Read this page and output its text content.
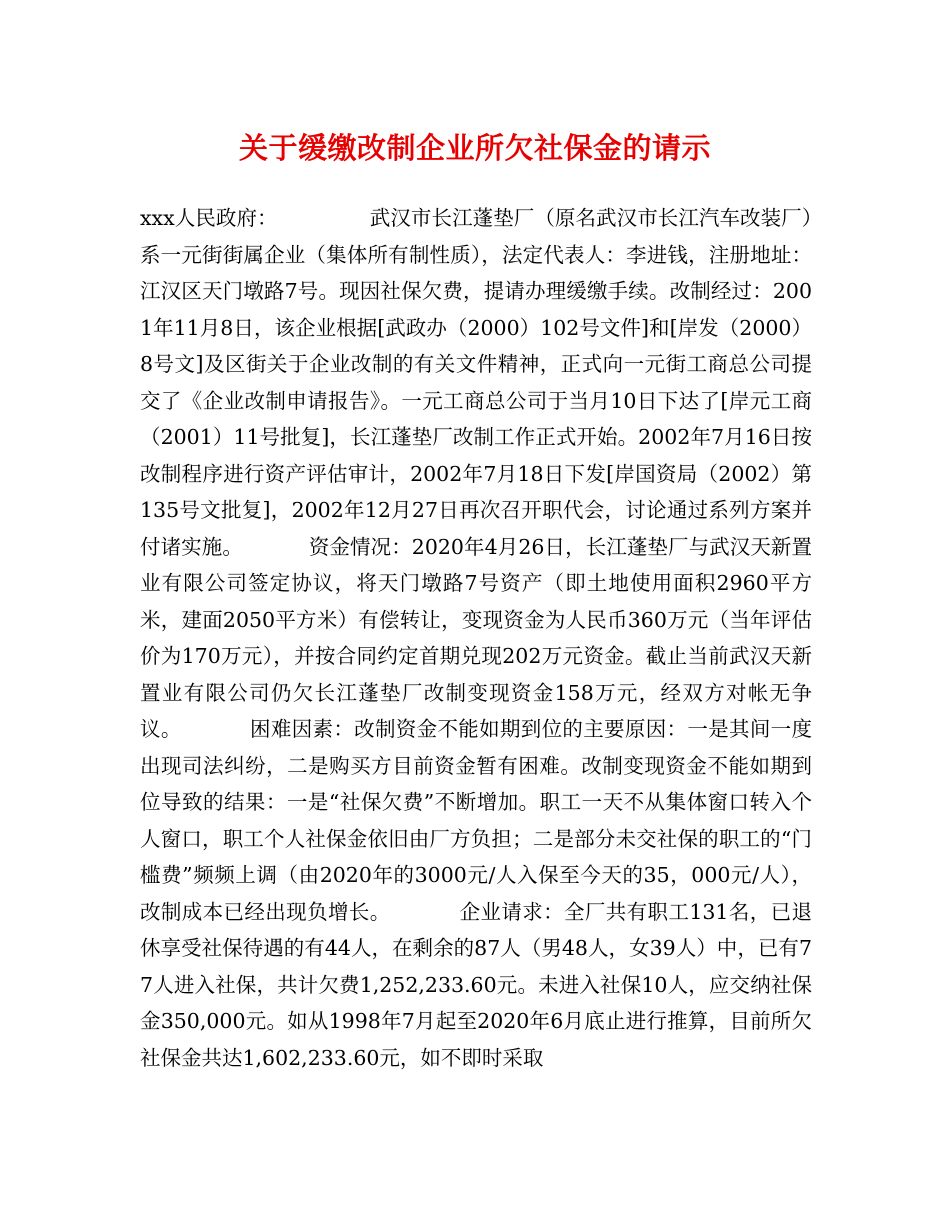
关于缓缴改制企业所欠社保金的请示

xxx人民政府：              武汉市长江蓬垫厂（原名武汉市长江汽车改装厂）系一元街街属企业（集体所有制性质），法定代表人：李进钱，注册地址：江汉区天门墩路7号。现因社保欠费，提请办理缓缴手续。改制经过：2001年11月8日，该企业根据[武政办（2000）102号文件]和[岸发（2000）8号文]及区街关于企业改制的有关文件精神，正式向一元街工商总公司提交了《企业改制申请报告》。一元工商总公司于当月10日下达了[岸元工商（2001）11号批复]，长江蓬垫厂改制工作正式开始。2002年7月16日按改制程序进行资产评估审计，2002年7月18日下发[岸国资局（2002）第135号文批复]，2002年12月27日再次召开职代会，讨论通过系列方案并付诸实施。          资金情况：2020年4月26日，长江蓬垫厂与武汉天新置业有限公司签定协议，将天门墩路7号资产（即土地使用面积2960平方米，建面2050平方米）有偿转让，变现资金为人民币360万元（当年评估价为170万元），并按合同约定首期兑现202万元资金。截止当前武汉天新置业有限公司仍欠长江蓬垫厂改制变现资金158万元，经双方对帐无争议。          困难因素：改制资金不能如期到位的主要原因：一是其间一度出现司法纠纷，二是购买方目前资金暂有困难。改制变现资金不能如期到位导致的结果：一是“社保欠费”不断增加。职工一天不从集体窗口转入个人窗口，职工个人社保金依旧由厂方负担；二是部分未交社保的职工的“门槛费”频频上调（由2020年的3000元/人入保至今天的35，000元/人），改制成本已经出现负增长。          企业请求：全厂共有职工131名，已退休享受社保待遇的有44人，在剩余的87人（男48人，女39人）中，已有77人进入社保，共计欠费1,252,233.60元。未进入社保10人，应交纳社保金350,000元。如从1998年7月起至2020年6月底止进行推算，目前所欠社保金共达1,602,233.60元，如不即时采取
